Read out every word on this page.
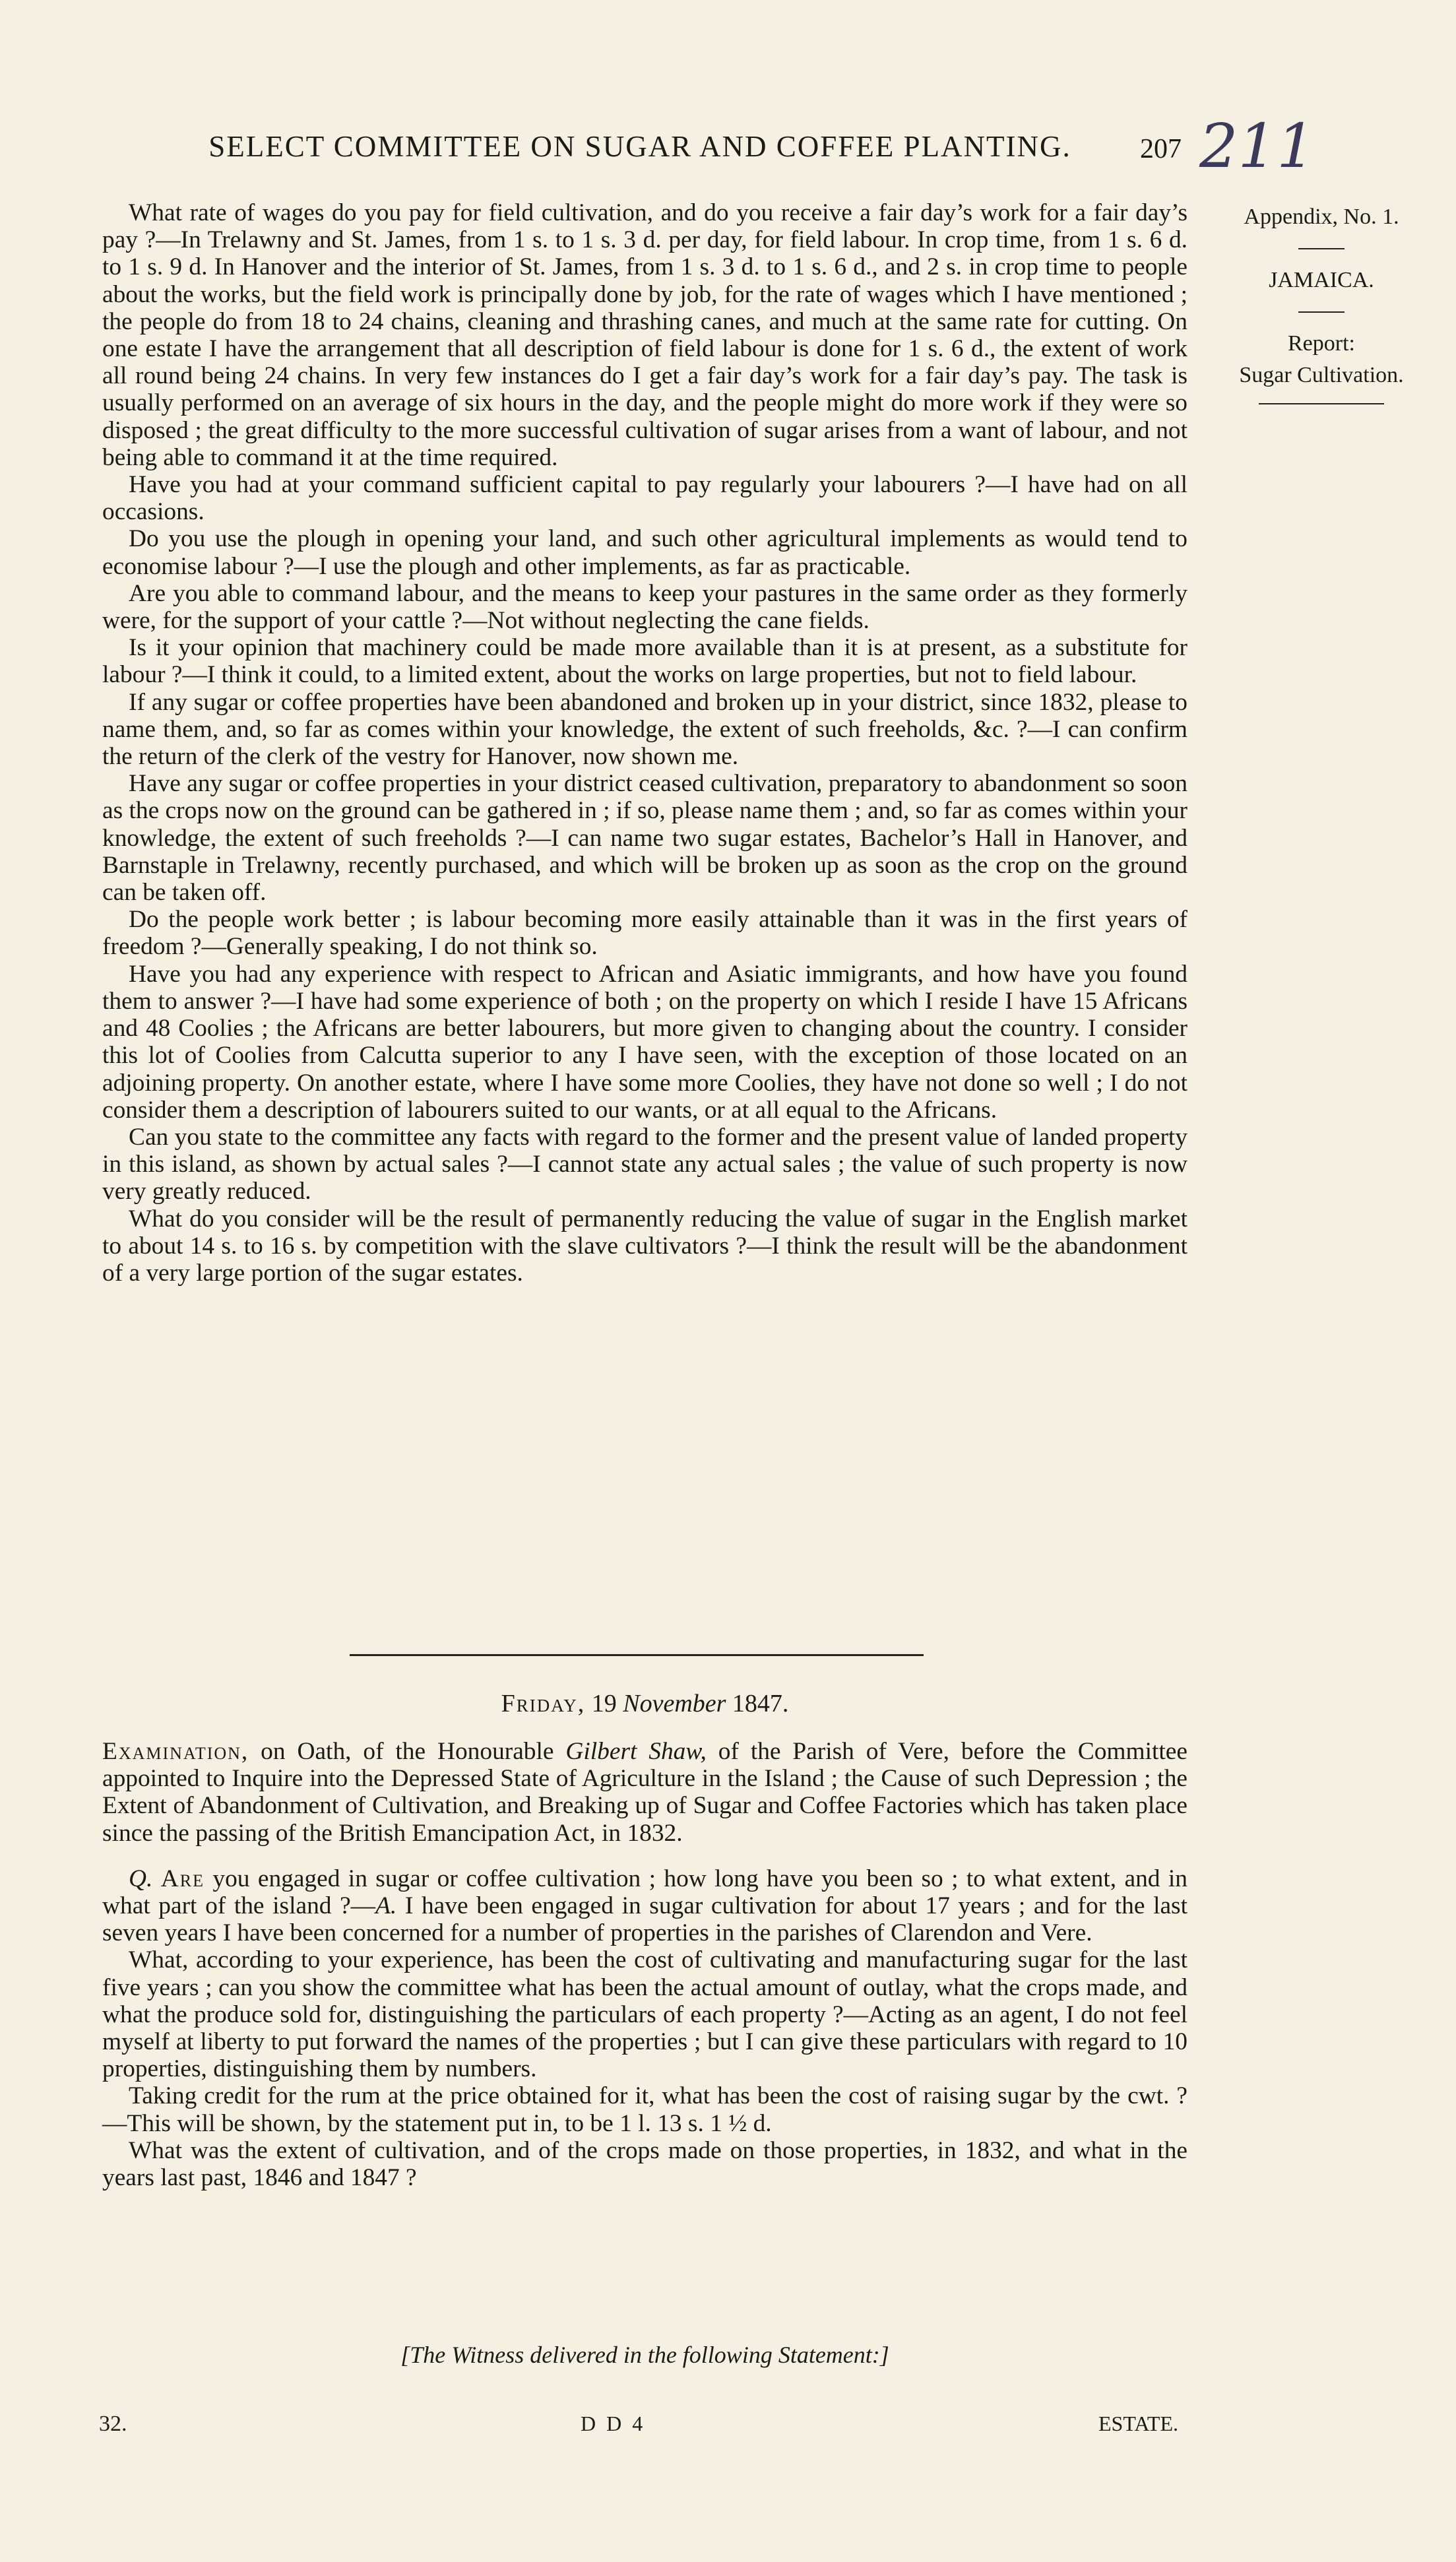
SELECT COMMITTEE ON SUGAR AND COFFEE PLANTING.	207 211
Appendix, No. 1.
JAMAICA.
Report:
Sugar Cultivation.

What rate of wages do you pay for field cultivation, and do you receive a fair day’s work for a fair day’s pay ?—In Trelawny and St. James, from 1 s. to 1 s. 3 d. per day, for field labour. In crop time, from 1 s. 6 d. to 1 s. 9 d. In Hanover and the interior of St. James, from 1 s. 3 d. to 1 s. 6 d., and 2 s. in crop time to people about the works, but the field work is principally done by job, for the rate of wages which I have mentioned ; the people do from 18 to 24 chains, cleaning and thrashing canes, and much at the same rate for cutting. On one estate I have the arrangement that all description of field labour is done for 1 s. 6 d., the extent of work all round being 24 chains. In very few instances do I get a fair day’s work for a fair day’s pay. The task is usually performed on an average of six hours in the day, and the people might do more work if they were so disposed ; the great difficulty to the more successful cultivation of sugar arises from a want of labour, and not being able to command it at the time required.

Have you had at your command sufficient capital to pay regularly your labourers ?—I have had on all occasions.

Do you use the plough in opening your land, and such other agricultural implements as would tend to economise labour ?—I use the plough and other implements, as far as practicable.

Are you able to command labour, and the means to keep your pastures in the same order as they formerly were, for the support of your cattle ?—Not without neglecting the cane fields.

Is it your opinion that machinery could be made more available than it is at present, as a substitute for labour ?—I think it could, to a limited extent, about the works on large properties, but not to field labour.

If any sugar or coffee properties have been abandoned and broken up in your district, since 1832, please to name them, and, so far as comes within your knowledge, the extent of such freeholds, &c. ?—I can confirm the return of the clerk of the vestry for Hanover, now shown me.

Have any sugar or coffee properties in your district ceased cultivation, preparatory to abandonment so soon as the crops now on the ground can be gathered in ; if so, please name them ; and, so far as comes within your knowledge, the extent of such freeholds ?—I can name two sugar estates, Bachelor’s Hall in Hanover, and Barnstaple in Trelawny, recently purchased, and which will be broken up as soon as the crop on the ground can be taken off.

Do the people work better ; is labour becoming more easily attainable than it was in the first years of freedom ?—Generally speaking, I do not think so.

Have you had any experience with respect to African and Asiatic immigrants, and how have you found them to answer ?—I have had some experience of both ; on the property on which I reside I have 15 Africans and 48 Coolies ; the Africans are better labourers, but more given to changing about the country. I consider this lot of Coolies from Calcutta superior to any I have seen, with the exception of those located on an adjoining property. On another estate, where I have some more Coolies, they have not done so well ; I do not consider them a description of labourers suited to our wants, or at all equal to the Africans.

Can you state to the committee any facts with regard to the former and the present value of landed property in this island, as shown by actual sales ?—I cannot state any actual sales ; the value of such property is now very greatly reduced.

What do you consider will be the result of permanently reducing the value of sugar in the English market to about 14 s. to 16 s. by competition with the slave cultivators ?—I think the result will be the abandonment of a very large portion of the sugar estates.

Friday, 19 November 1847.

Examination, on Oath, of the Honourable Gilbert Shaw, of the Parish of Vere, before the Committee appointed to Inquire into the Depressed State of Agriculture in the Island ; the Cause of such Depression ; the Extent of Abandonment of Cultivation, and Breaking up of Sugar and Coffee Factories which has taken place since the passing of the British Emancipation Act, in 1832.

Q. Are you engaged in sugar or coffee cultivation ; how long have you been so ; to what extent, and in what part of the island ?—A. I have been engaged in sugar cultivation for about 17 years ; and for the last seven years I have been concerned for a number of properties in the parishes of Clarendon and Vere.

What, according to your experience, has been the cost of cultivating and manufacturing sugar for the last five years ; can you show the committee what has been the actual amount of outlay, what the crops made, and what the produce sold for, distinguishing the particulars of each property ?—Acting as an agent, I do not feel myself at liberty to put forward the names of the properties ; but I can give these particulars with regard to 10 properties, distinguishing them by numbers.

Taking credit for the rum at the price obtained for it, what has been the cost of raising sugar by the cwt. ?—This will be shown, by the statement put in, to be 1 l. 13 s. 1 ½ d.

What was the extent of cultivation, and of the crops made on those properties, in 1832, and what in the years last past, 1846 and 1847 ?

[The Witness delivered in the following Statement:]
32.	D D 4	ESTATE.
